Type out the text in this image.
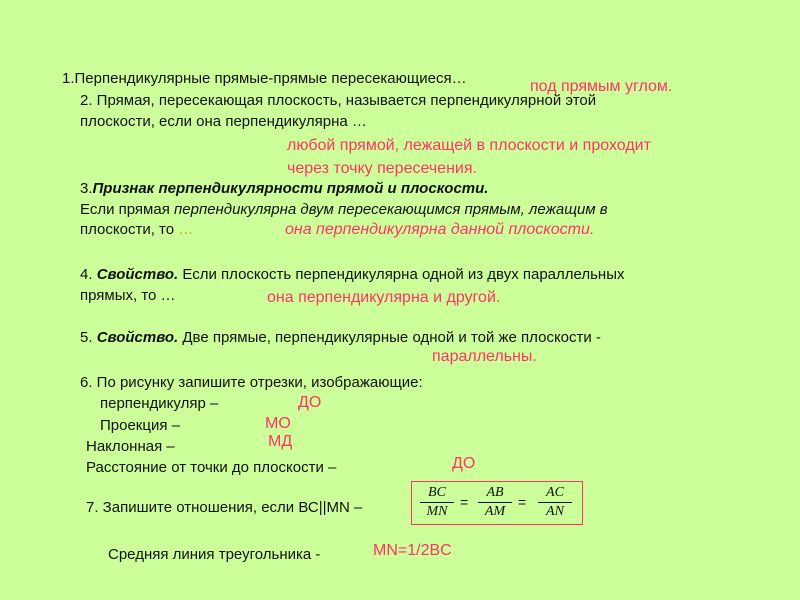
1.Перпендикулярные прямые-прямые пересекающиеся…	под прямым углом.
2. Прямая, пересекающая плоскость, называется перпендикулярной этой
плоскости, если она перпендикулярна …
любой прямой, лежащей в плоскости и проходит
через точку пересечения.
3.Признак перпендикулярности прямой и плоскости.
Если прямая перпендикулярна двум пересекающимся прямым, лежащим в
плоскости, то …	она перпендикулярна данной плоскости.
4. Свойство. Если плоскость перпендикулярна одной из двух параллельных
прямых, то …	она перпендикулярна и другой.
5. Свойство. Две прямые, перпендикулярные одной и той же плоскости -
параллельны.
6. По рисунку запишите отрезки, изображающие:
перпендикуляр –	ДО
Проекция –	МО
Наклонная –	МД
Расстояние от точки до плоскости –	ДО
7. Запишите отношения, если ВС||MN –	$\frac{BC}{MN} = \frac{AB}{AM} = \frac{AC}{AN}$
Средняя линия треугольника -	MN=1/2BC
